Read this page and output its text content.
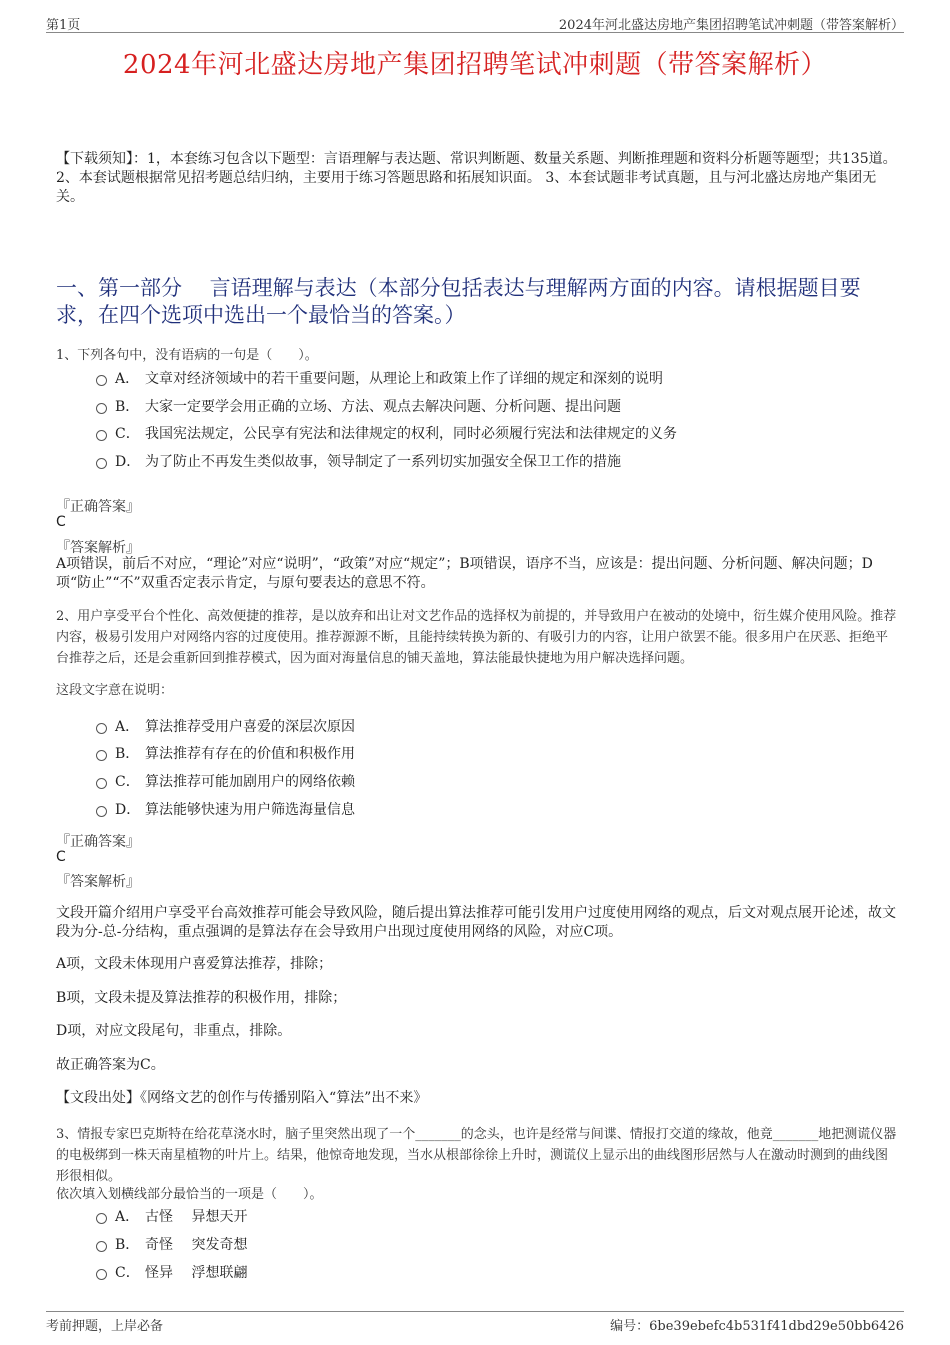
第1页	2024年河北盛达房地产集团招聘笔试冲刺题（带答案解析）
2024年河北盛达房地产集团招聘笔试冲刺题（带答案解析）
【下载须知】：1，本套练习包含以下题型：言语理解与表达题、常识判断题、数量关系题、判断推理题和资料分析题等题型；共135道。 2、本套试题根据常见招考题总结归纳，主要用于练习答题思路和拓展知识面。 3、本套试题非考试真题，且与河北盛达房地产集团无关。
一、第一部分　 言语理解与表达（本部分包括表达与理解两方面的内容。请根据题目要求，在四个选项中选出一个最恰当的答案。）
1、下列各句中，没有语病的一句是（　　）。
A． 文章对经济领域中的若干重要问题，从理论上和政策上作了详细的规定和深刻的说明
B． 大家一定要学会用正确的立场、方法、观点去解决问题、分析问题、提出问题
C． 我国宪法规定，公民享有宪法和法律规定的权利，同时必须履行宪法和法律规定的义务
D． 为了防止不再发生类似故事，领导制定了一系列切实加强安全保卫工作的措施
『正确答案』
C
『答案解析』
A项错误，前后不对应，“理论”对应“说明”，“政策”对应“规定”；B项错误，语序不当，应该是：提出问题、分析问题、解决问题；D项“防止”“不”双重否定表示肯定，与原句要表达的意思不符。
2、用户享受平台个性化、高效便捷的推荐，是以放弃和出让对文艺作品的选择权为前提的，并导致用户在被动的处境中，衍生媒介使用风险。推荐内容，极易引发用户对网络内容的过度使用。推荐源源不断，且能持续转换为新的、有吸引力的内容，让用户欲罢不能。很多用户在厌恶、拒绝平台推荐之后，还是会重新回到推荐模式，因为面对海量信息的铺天盖地，算法能最快捷地为用户解决选择问题。
这段文字意在说明：
A． 算法推荐受用户喜爱的深层次原因
B． 算法推荐有存在的价值和积极作用
C． 算法推荐可能加剧用户的网络依赖
D． 算法能够快速为用户筛选海量信息
『正确答案』
C
『答案解析』
文段开篇介绍用户享受平台高效推荐可能会导致风险，随后提出算法推荐可能引发用户过度使用网络的观点，后文对观点展开论述，故文段为分-总-分结构，重点强调的是算法存在会导致用户出现过度使用网络的风险，对应C项。
A项，文段未体现用户喜爱算法推荐，排除；
B项，文段未提及算法推荐的积极作用，排除；
D项，对应文段尾句，非重点，排除。
故正确答案为C。
【文段出处】《网络文艺的创作与传播别陷入“算法”出不来》
3、情报专家巴克斯特在给花草浇水时，脑子里突然出现了一个_______的念头，也许是经常与间谍、情报打交道的缘故，他竟_______地把测谎仪器的电极绑到一株天南星植物的叶片上。结果，他惊奇地发现，当水从根部徐徐上升时，测谎仪上显示出的曲线图形居然与人在激动时测到的曲线图形很相似。
依次填入划横线部分最恰当的一项是（　　）。
A． 古怪　 异想天开
B． 奇怪　 突发奇想
C． 怪异　 浮想联翩
考前押题，上岸必备	编号：6be39ebefc4b531f41dbd29e50bb6426
